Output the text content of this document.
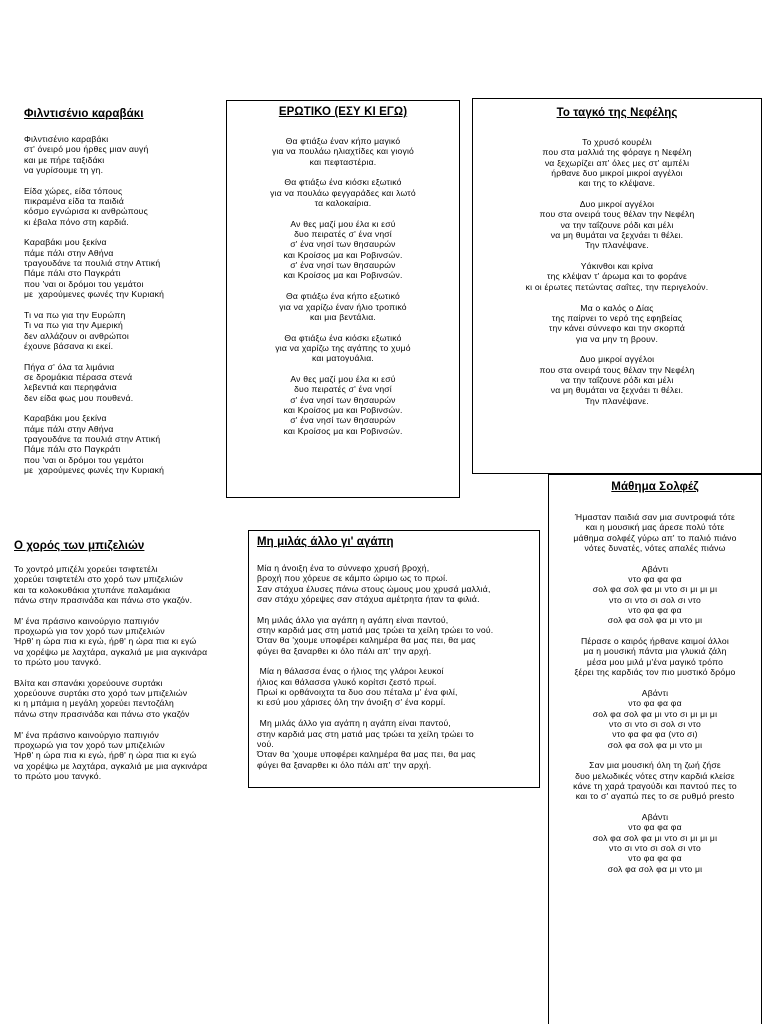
Φιλντισένιο καραβάκι
Φιλντισένιο καραβάκι
στ' όνειρό μου ήρθες μιαν αυγή
και με πήρε ταξιδάκι
να γυρίσουμε τη γη.

Είδα χώρες, είδα τόπους
πικραμένα είδα τα παιδιά
κόσμο εγνώρισα κι ανθρώπους
κι έβαλα πόνο στη καρδιά.

Καραβάκι μου ξεκίνα
πάμε πάλι στην Αθήνα
τραγουδάνε τα πουλιά στην Αττική
Πάμε πάλι στο Παγκράτι
που 'ναι οι δρόμοι του γεμάτοι
με  χαρούμενες φωνές την Κυριακή

Τι να πω για την Ευρώπη
Τι να πω για την Αμερική
δεν αλλάζουν οι ανθρώποι
έχουνε βάσανα κι εκεί.

Πήγα σ' όλα τα λιμάνια
σε δρομάκια πέρασα στενά
λεβεντιά και περηφάνια
δεν είδα φως μου πουθενά.

Καραβάκι μου ξεκίνα
πάμε πάλι στην Αθήνα
τραγουδάνε τα πουλιά στην Αττική
Πάμε πάλι στο Παγκράτι
που 'ναι οι δρόμοι του γεμάτοι
με  χαρούμενες φωνές την Κυριακή
ΕΡΩΤΙΚΟ (ΕΣΥ ΚΙ ΕΓΩ)
Θα φτιάξω έναν κήπο μαγικό
για να πουλάω ηλιαχτίδες και γιογιό
και πεφταστέρια.

Θα φτιάξω ένα κιόσκι εξωτικό
για να πουλάω φεγγαράδες και λωτό
τα καλοκαίρια.

Αν θες μαζί μου έλα κι εσύ
δυο πειρατές σ' ένα νησί
σ' ένα νησί των θησαυρών
και Κροίσος μα και Ροβινσών.
σ' ένα νησί των θησαυρών
και Κροίσος μα και Ροβινσών.

Θα φτιάξω ένα κήπο εξωτικό
για να χαρίζω έναν ήλιο τροπικό
και μια βεντάλια.

Θα φτιάξω ένα κιόσκι εξωτικό
για να χαρίζω της αγάπης το χυμό
και ματογυάλια.

Αν θες μαζί μου έλα κι εσύ
δυο πειρατές σ' ένα νησί
σ' ένα νησί των θησαυρών
και Κροίσος μα και Ροβινσών.
σ' ένα νησί των θησαυρών
και Κροίσος μα και Ροβινσών.
Το ταγκό της Νεφέλης
Το χρυσό κουρέλι
που στα μαλλιά της φόραγε η Νεφέλη
να ξεχωρίζει απ' όλες μες στ' αμπέλι
ήρθανε δυο μικροί μικροί αγγέλοι
και της το κλέψανε.

Δυο μικροί αγγέλοι
που στα ονειρά τους θέλαν την Νεφέλη
να την ταΐζουνε ρόδι και μέλι
να μη θυμάται να ξεχνάει τι θέλει.
Την πλανέψανε.

Υάκινθοι και κρίνα
της κλέψαν τ' άρωμα και το φοράνε
κι οι έρωτες πετώντας σαΐτες, την περιγελούν.

Μα ο καλός ο Δίας
της παίρνει το νερό της εφηβείας
την κάνει σύννεφο και την σκορπά
για να μην τη βρουν.

Δυο μικροί αγγέλοι
που στα ονειρά τους θέλαν την Νεφέλη
να την ταΐζουνε ρόδι και μέλι
να μη θυμάται να ξεχνάει τι θέλει.
Την πλανέψανε.
Μάθημα Σολφέζ
Ήμασταν παιδιά σαν μια συντροφιά τότε
και η μουσική μας άρεσε πολύ τότε
μάθημα σολφέζ γύρω απ' το παλιό πιάνο
νότες δυνατές, νότες απαλές πιάνω

Αβάντι
ντο φα φα φα
σολ φα σολ φα μι ντο σι μι μι μι
ντο σι ντο σι σολ σι ντο
ντο φα φα φα
σολ φα σολ φα μι ντο μι

Πέρασε ο καιρός ήρθανε καιμοί άλλοι
μα η μουσική πάντα μια γλυκιά ζάλη
μέσα μου μιλά μ'ένα μαγικό τρόπο
ξέρει της καρδιάς τον πιο μυστικό δρόμο

Αβάντι
ντο φα φα φα
σολ φα σολ φα μι ντο σι μι μι μι
ντο σι ντο σι σολ σι ντο
ντο φα φα φα (ντο σι)
σολ φα σολ φα μι ντο μι

Σαν μια μουσική όλη τη ζωή ζήσε
δυο μελωδικές νότες στην καρδιά κλείσε
κάνε τη χαρά τραγούδι και παντού πες το
και το σ' αγαπώ πες το σε ρυθμό presto

Αβάντι
ντο φα φα φα
σολ φα σολ φα μι ντο σι μι μι μι
ντο σι ντο σι σολ σι ντο
ντο φα φα φα
σολ φα σολ φα μι ντο μι
Ο χορός των μπιζελιών
Το χοντρό μπιζέλι χορεύει τσιφτετέλι
χορεύει τσιφτετέλι στο χορό των μπιζελιών
και τα κολοκυθάκια χτυπάνε παλαμάκια
πάνω στην πρασινάδα και πάνω στο γκαζόν.

Μ' ένα πράσινο καινούργιο παπιγιόν
προχωρώ για τον χορό των μπιζελιών
Ήρθ' η ώρα πια κι εγώ, ήρθ' η ώρα πια κι εγώ
να χορέψω με λαχτάρα, αγκαλιά με μια αγκινάρα
το πρώτο μου τανγκό.

Βλίτα και σπανάκι χορεύουνε συρτάκι
χορεύουνε συρτάκι στο χορό των μπιζελιών
κι η μπάμια η μεγάλη χορεύει πεντοζάλη
πάνω στην πρασινάδα και πάνω στο γκαζόν

Μ' ένα πράσινο καινούργιο παπιγιόν
προχωρώ για τον χορό των μπιζελιών
Ήρθ' η ώρα πια κι εγώ, ήρθ' η ώρα πια κι εγώ
να χορέψω με λαχτάρα, αγκαλιά με μια αγκινάρα
το πρώτο μου τανγκό.
Μη μιλάς άλλο γι' αγάπη
Μία η άνοιξη ένα το σύννεφο χρυσή βροχή,
βροχή που χόρευε σε κάμπο ώριμο ως το πρωί.
Σαν στάχυα έλυσες πάνω στους ώμους μου χρυσά μαλλιά,
σαν στάχυ χόρεψες σαν στάχυα αμέτρητα ήταν τα φιλιά.

Μη μιλάς άλλο για αγάπη η αγάπη είναι παντού,
στην καρδιά μας στη ματιά μας τρώει τα χείλη τρώει το νού.
Όταν θα 'χουμε υποφέρει καλημέρα θα μας πει, θα μας
φύγει θα ξαναρθει κι όλο πάλι απ' την αρχή.

Μία η θάλασσα ένας ο ήλιος της γλάροι λευκοί
ήλιος και θάλασσα γλυκό κορίτσι ζεστό πρωί.
Πρωί κι ορθάνοιχτα τα δυο σου πέταλα μ' ένα φιλί,
κι εσύ μου χάρισες όλη την άνοιξη σ' ένα κορμί.

Μη μιλάς άλλο για αγάπη η αγάπη είναι παντού,
στην καρδιά μας στη ματιά μας τρώει τα χείλη τρώει το
νού.
Όταν θα 'χουμε υποφέρει καλημέρα θα μας πει, θα μας
φύγει θα ξαναρθει κι όλο πάλι απ' την αρχή.
